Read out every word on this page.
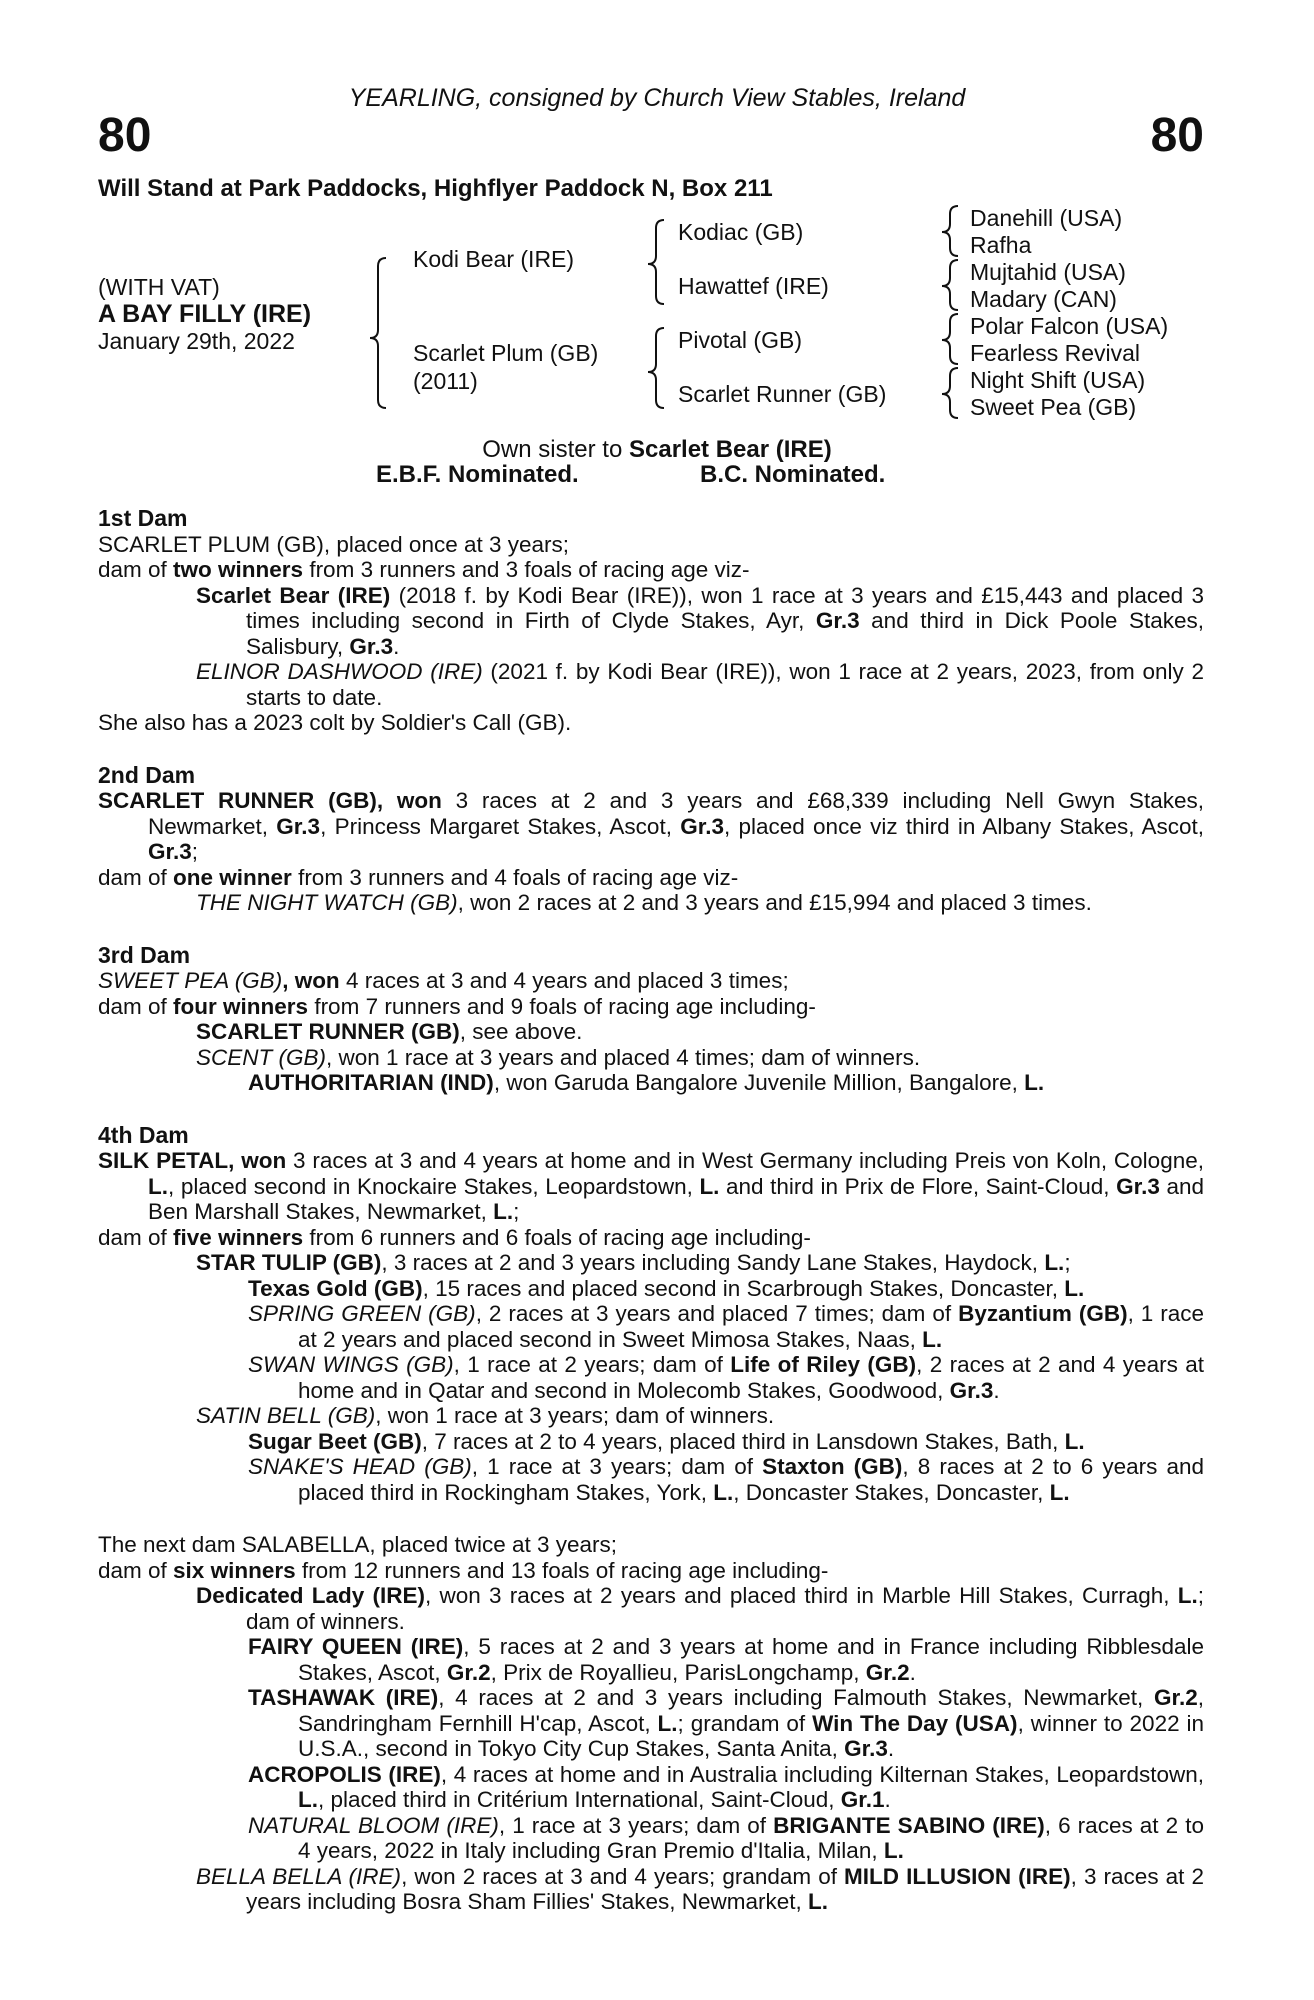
YEARLING, consigned by Church View Stables, Ireland
80	80
Will Stand at Park Paddocks, Highflyer Paddock N, Box 211
(WITH VAT)
A BAY FILLY (IRE)
January 29th, 2022
Kodi Bear (IRE)
Scarlet Plum (GB)
(2011)
Kodiac (GB)
Hawattef (IRE)
Pivotal (GB)
Scarlet Runner (GB)
Danehill (USA)
Rafha
Mujtahid (USA)
Madary (CAN)
Polar Falcon (USA)
Fearless Revival
Night Shift (USA)
Sweet Pea (GB)
Own sister to Scarlet Bear (IRE)
E.B.F. Nominated.	B.C. Nominated.
1st Dam
SCARLET PLUM (GB), placed once at 3 years;
dam of two winners from 3 runners and 3 foals of racing age viz-
Scarlet Bear (IRE) (2018 f. by Kodi Bear (IRE)), won 1 race at 3 years and £15,443 and placed 3 times including second in Firth of Clyde Stakes, Ayr, Gr.3 and third in Dick Poole Stakes, Salisbury, Gr.3.
ELINOR DASHWOOD (IRE) (2021 f. by Kodi Bear (IRE)), won 1 race at 2 years, 2023, from only 2 starts to date.
She also has a 2023 colt by Soldier's Call (GB).
2nd Dam
SCARLET RUNNER (GB), won 3 races at 2 and 3 years and £68,339 including Nell Gwyn Stakes, Newmarket, Gr.3, Princess Margaret Stakes, Ascot, Gr.3, placed once viz third in Albany Stakes, Ascot, Gr.3;
dam of one winner from 3 runners and 4 foals of racing age viz-
THE NIGHT WATCH (GB), won 2 races at 2 and 3 years and £15,994 and placed 3 times.
3rd Dam
SWEET PEA (GB), won 4 races at 3 and 4 years and placed 3 times;
dam of four winners from 7 runners and 9 foals of racing age including-
SCARLET RUNNER (GB), see above.
SCENT (GB), won 1 race at 3 years and placed 4 times; dam of winners.
AUTHORITARIAN (IND), won Garuda Bangalore Juvenile Million, Bangalore, L.
4th Dam
SILK PETAL, won 3 races at 3 and 4 years at home and in West Germany including Preis von Koln, Cologne, L., placed second in Knockaire Stakes, Leopardstown, L. and third in Prix de Flore, Saint-Cloud, Gr.3 and Ben Marshall Stakes, Newmarket, L.;
dam of five winners from 6 runners and 6 foals of racing age including-
STAR TULIP (GB), 3 races at 2 and 3 years including Sandy Lane Stakes, Haydock, L.;
Texas Gold (GB), 15 races and placed second in Scarbrough Stakes, Doncaster, L.
SPRING GREEN (GB), 2 races at 3 years and placed 7 times; dam of Byzantium (GB), 1 race at 2 years and placed second in Sweet Mimosa Stakes, Naas, L.
SWAN WINGS (GB), 1 race at 2 years; dam of Life of Riley (GB), 2 races at 2 and 4 years at home and in Qatar and second in Molecomb Stakes, Goodwood, Gr.3.
SATIN BELL (GB), won 1 race at 3 years; dam of winners.
Sugar Beet (GB), 7 races at 2 to 4 years, placed third in Lansdown Stakes, Bath, L.
SNAKE'S HEAD (GB), 1 race at 3 years; dam of Staxton (GB), 8 races at 2 to 6 years and placed third in Rockingham Stakes, York, L., Doncaster Stakes, Doncaster, L.
The next dam SALABELLA, placed twice at 3 years;
dam of six winners from 12 runners and 13 foals of racing age including-
Dedicated Lady (IRE), won 3 races at 2 years and placed third in Marble Hill Stakes, Curragh, L.; dam of winners.
FAIRY QUEEN (IRE), 5 races at 2 and 3 years at home and in France including Ribblesdale Stakes, Ascot, Gr.2, Prix de Royallieu, ParisLongchamp, Gr.2.
TASHAWAK (IRE), 4 races at 2 and 3 years including Falmouth Stakes, Newmarket, Gr.2, Sandringham Fernhill H'cap, Ascot, L.; grandam of Win The Day (USA), winner to 2022 in U.S.A., second in Tokyo City Cup Stakes, Santa Anita, Gr.3.
ACROPOLIS (IRE), 4 races at home and in Australia including Kilternan Stakes, Leopardstown, L., placed third in Critérium International, Saint-Cloud, Gr.1.
NATURAL BLOOM (IRE), 1 race at 3 years; dam of BRIGANTE SABINO (IRE), 6 races at 2 to 4 years, 2022 in Italy including Gran Premio d'Italia, Milan, L.
BELLA BELLA (IRE), won 2 races at 3 and 4 years; grandam of MILD ILLUSION (IRE), 3 races at 2 years including Bosra Sham Fillies' Stakes, Newmarket, L.
